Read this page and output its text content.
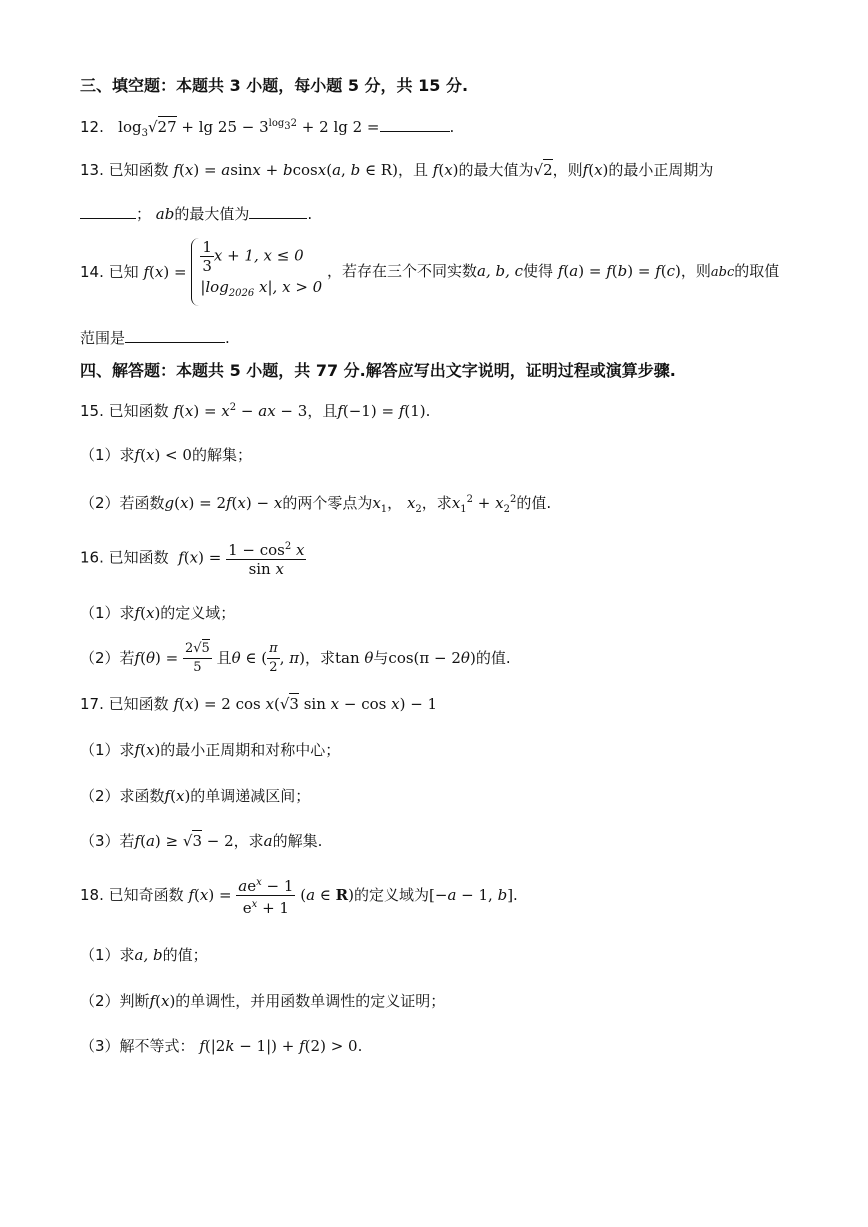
三、填空题：本题共 3 小题，每小题 5 分，共 15 分.
12.   $\log_3√27 + \lg 25 - 3^{log_32} + 2$ lg 2 =	.
13. 已知函数 f(x) = asinx + bcosx(a, b ∈ R)，且 f(x)的最大值为√2，则f(x)的最小正周期为
； ab的最大值为	.
14. 已知 $f(x) = \frac{1}{3}$ x + 1, x ≤ 0
$|\log_{2026}$ x|, x > 0
，若存在三个不同实数a, b, c使得 f(a) = f(b) = f(c)，则abc的取值
范围是	.
四、解答题：本题共 5 小题，共 77 分.解答应写出文字说明，证明过程或演算步骤.
15. 已知函数 $f(x) = x^2$ − ax − 3，且f(−1) = f(1).
（1）求f(x) < 0的解集；
（2）若函数g(x) = 2f(x) − x的两个零点为$x_1$， $x_2$，求$x_1^2 + x_2^2$的值.
16. 已知函数 $f(x) = \frac{1 - \cos^2 x}{\text{sin x}}$
（1）求f(x)的定义域；
（2）若$f(\theta) = \frac{2√5}{5}$ 且θ ∈ ( $\frac{\pi}{2}$ , π)，求tan θ与cos(π − 2θ)的值.
17. 已知函数 f(x) = 2 cos x(√3 sin x − cos x) − 1
（1）求f(x)的最小正周期和对称中心；
（2）求函数f(x)的单调递减区间；
（3）若f(a) ≥ √3 − 2，求a的解集.
18. 已知奇函数 $f(x) = \frac{ae^x - 1}{e^x + 1} (a$ ∈ R)的定义域为[−a − 1, b].
（1）求a, b的值；
（2）判断f(x)的单调性，并用函数单调性的定义证明；
（3）解不等式： f(|2k − 1|) + f(2) > 0.
